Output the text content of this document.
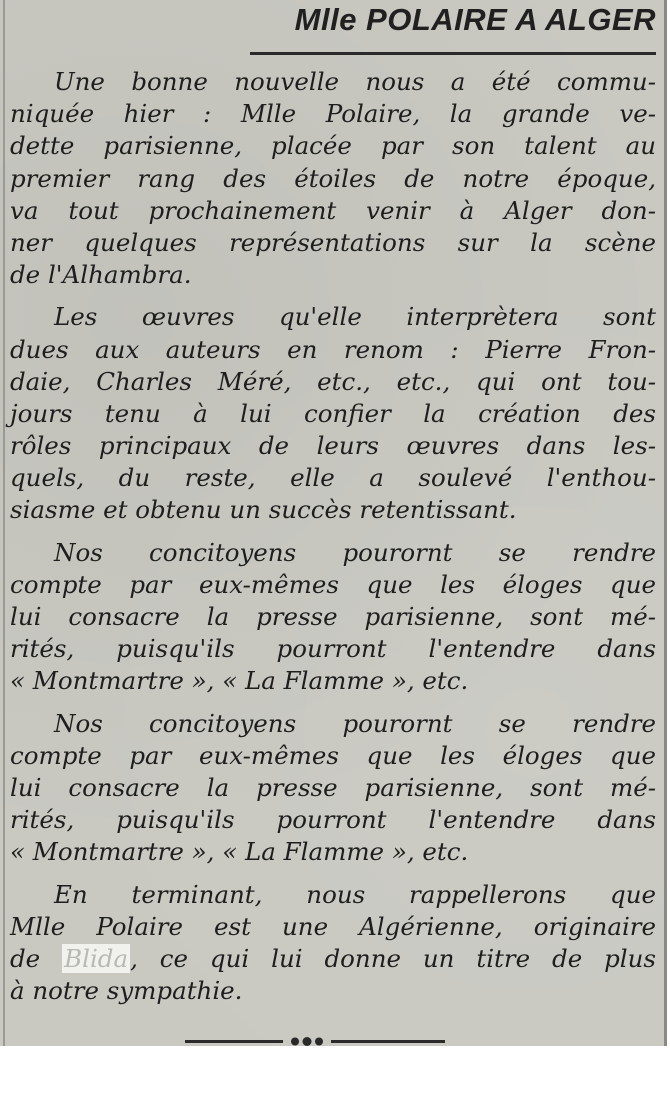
Mlle POLAIRE A ALGER
Une bonne nouvelle nous a été commu-
niquée hier : Mlle Polaire, la grande ve-
dette parisienne, placée par son talent au
premier rang des étoiles de notre époque,
va tout prochainement venir à Alger don-
ner quelques représentations sur la scène
de l'Alhambra.
Les œuvres qu'elle interprètera sont
dues aux auteurs en renom : Pierre Fron-
daie, Charles Méré, etc., etc., qui ont tou-
jours tenu à lui confier la création des
rôles principaux de leurs œuvres dans les-
quels, du reste, elle a soulevé l'enthou-
siasme et obtenu un succès retentissant.
Nos concitoyens pourornt se rendre
compte par eux-mêmes que les éloges que
lui consacre la presse parisienne, sont mé-
rités, puisqu'ils pourront l'entendre dans
« Montmartre », « La Flamme », etc.
Nos concitoyens pourornt se rendre
compte par eux-mêmes que les éloges que
lui consacre la presse parisienne, sont mé-
rités, puisqu'ils pourront l'entendre dans
« Montmartre », « La Flamme », etc.
En terminant, nous rappellerons que
Mlle Polaire est une Algérienne, originaire
de Blida, ce qui lui donne un titre de plus
à notre sympathie.
